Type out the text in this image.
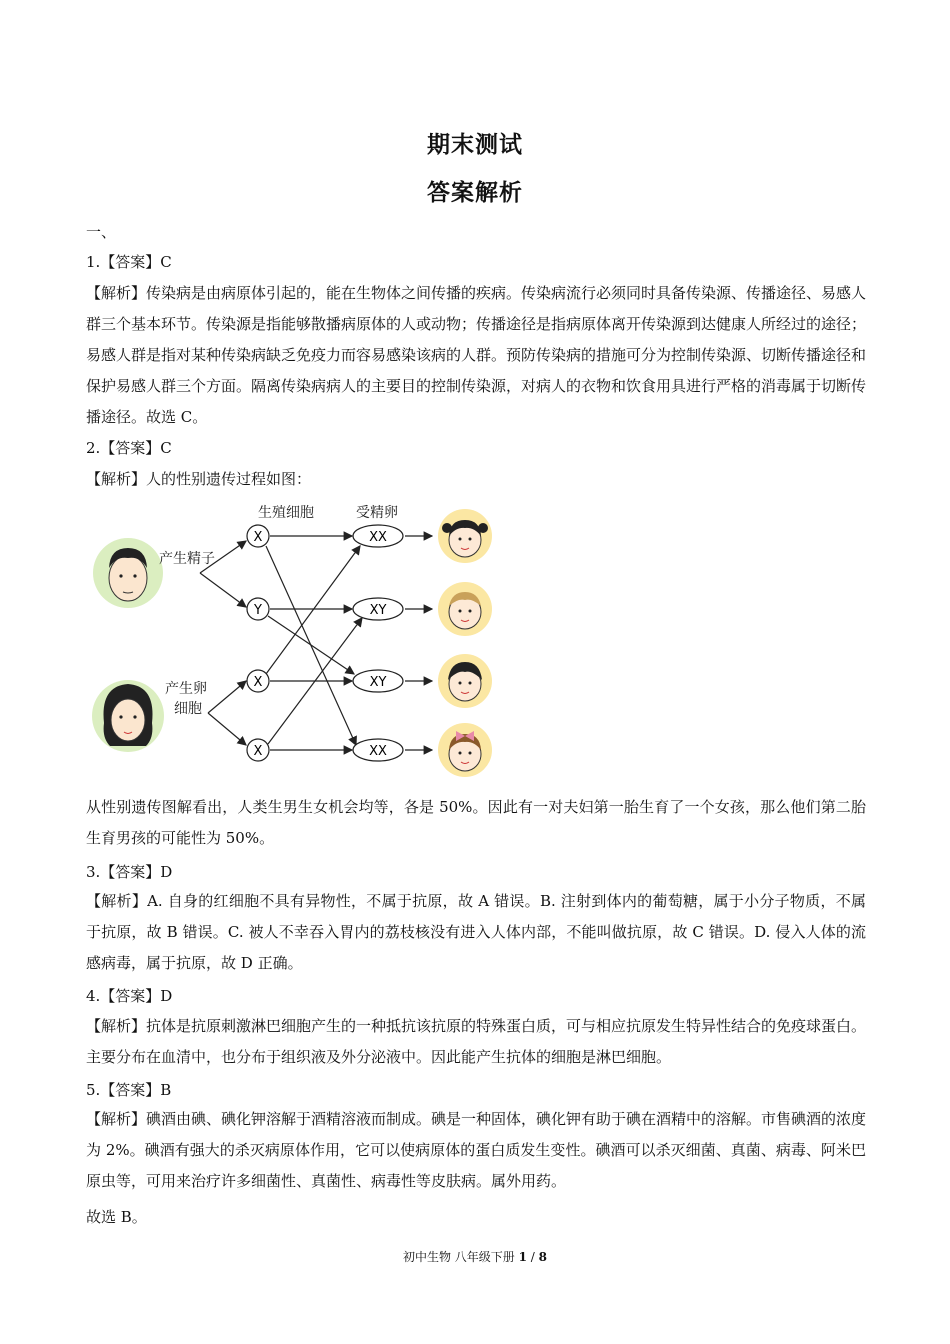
期末测试
答案解析
一、
1.【答案】C
【解析】传染病是由病原体引起的，能在生物体之间传播的疾病。传染病流行必须同时具备传染源、传播途径、易感人群三个基本环节。传染源是指能够散播病原体的人或动物；传播途径是指病原体离开传染源到达健康人所经过的途径；易感人群是指对某种传染病缺乏免疫力而容易感染该病的人群。预防传染病的措施可分为控制传染源、切断传播途径和保护易感人群三个方面。隔离传染病病人的主要目的控制传染源，对病人的衣物和饮食用具进行严格的消毒属于切断传播途径。故选 C。
2.【答案】C
【解析】人的性别遗传过程如图：
生殖细胞	受精卵
产生精子
产生卵
细胞
X
Y
X
X
XX
XY
XY
XX
从性别遗传图解看出，人类生男生女机会均等，各是 50%。因此有一对夫妇第一胎生育了一个女孩，那么他们第二胎生育男孩的可能性为 50%。
3.【答案】D
【解析】A. 自身的红细胞不具有异物性，不属于抗原，故 A 错误。B. 注射到体内的葡萄糖，属于小分子物质，不属于抗原，故 B 错误。C. 被人不幸吞入胃内的荔枝核没有进入人体内部，不能叫做抗原，故 C 错误。D. 侵入人体的流感病毒，属于抗原，故 D 正确。
4.【答案】D
【解析】抗体是抗原刺激淋巴细胞产生的一种抵抗该抗原的特殊蛋白质，可与相应抗原发生特异性结合的免疫球蛋白。主要分布在血清中，也分布于组织液及外分泌液中。因此能产生抗体的细胞是淋巴细胞。
5.【答案】B
【解析】碘酒由碘、碘化钾溶解于酒精溶液而制成。碘是一种固体，碘化钾有助于碘在酒精中的溶解。市售碘酒的浓度为 2%。碘酒有强大的杀灭病原体作用，它可以使病原体的蛋白质发生变性。碘酒可以杀灭细菌、真菌、病毒、阿米巴原虫等，可用来治疗许多细菌性、真菌性、病毒性等皮肤病。属外用药。
故选 B。
初中生物 八年级下册 1 / 8
